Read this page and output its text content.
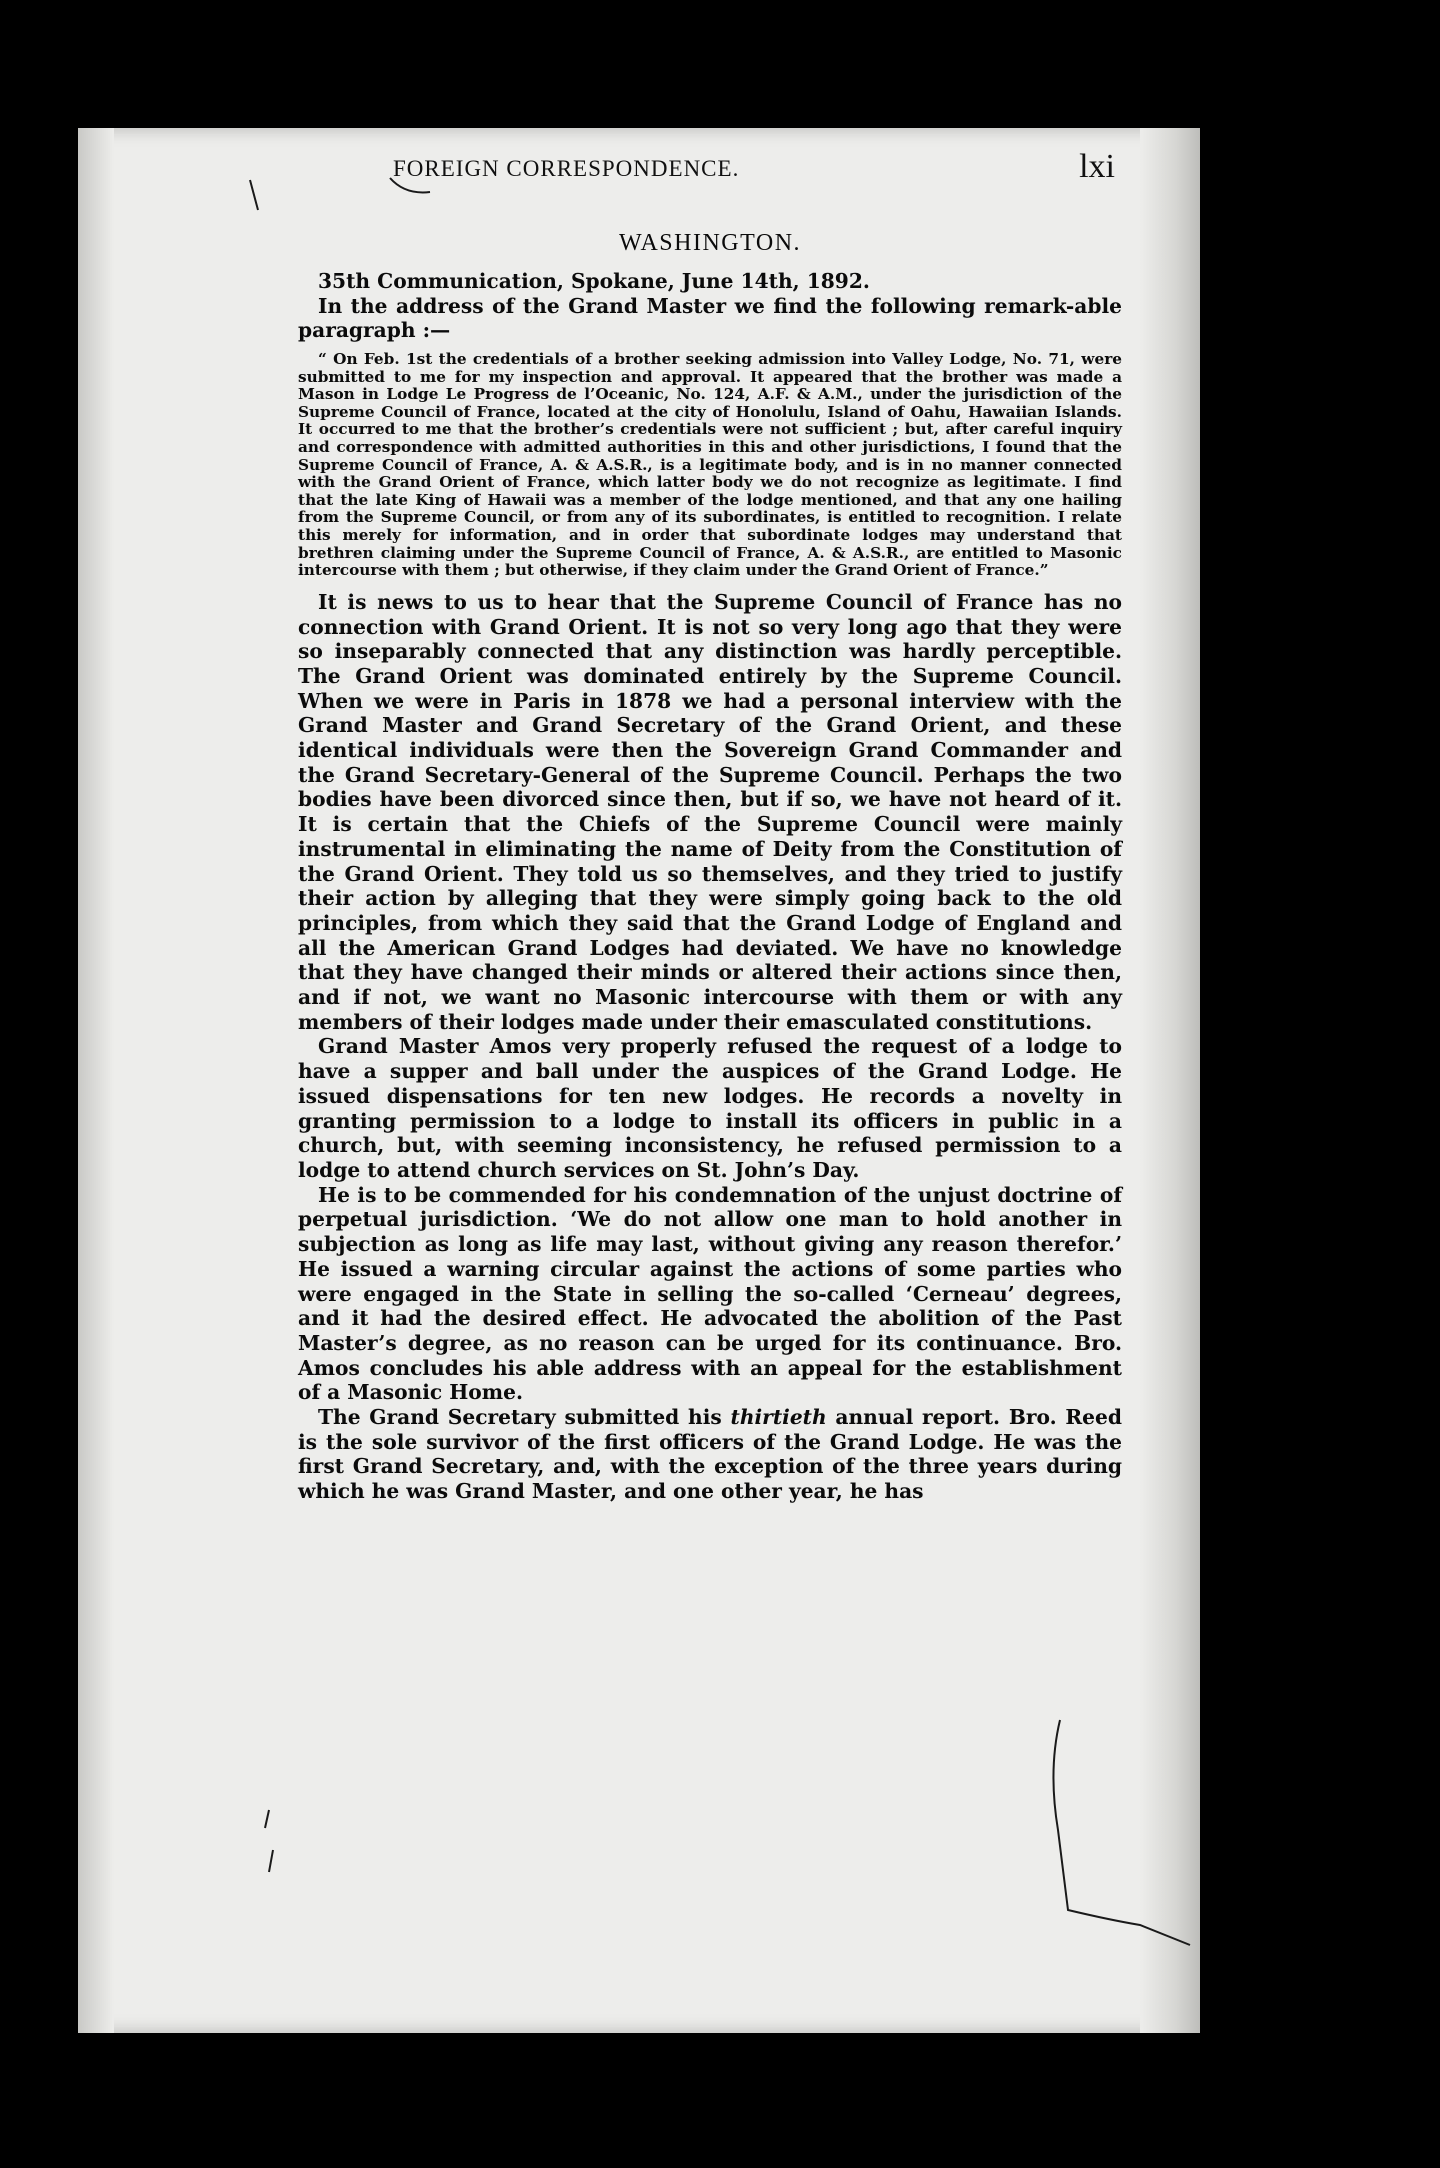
FOREIGN CORRESPONDENCE.	lxi
WASHINGTON.

35th Communication, Spokane, June 14th, 1892.

In the address of the Grand Master we find the following remark-able paragraph :—

“ On Feb. 1st the credentials of a brother seeking admission into Valley Lodge, No. 71, were submitted to me for my inspection and approval. It appeared that the brother was made a Mason in Lodge Le Progress de l’Oceanic, No. 124, A.F. & A.M., under the jurisdiction of the Supreme Council of France, located at the city of Honolulu, Island of Oahu, Hawaiian Islands. It occurred to me that the brother’s credentials were not sufficient ; but, after careful inquiry and correspondence with admitted authorities in this and other jurisdictions, I found that the Supreme Council of France, A. & A.S.R., is a legitimate body, and is in no manner connected with the Grand Orient of France, which latter body we do not recognize as legitimate. I find that the late King of Hawaii was a member of the lodge mentioned, and that any one hailing from the Supreme Council, or from any of its subordinates, is entitled to recognition. I relate this merely for information, and in order that subordinate lodges may understand that brethren claiming under the Supreme Council of France, A. & A.S.R., are entitled to Masonic intercourse with them ; but otherwise, if they claim under the Grand Orient of France.”

It is news to us to hear that the Supreme Council of France has no connection with Grand Orient. It is not so very long ago that they were so inseparably connected that any distinction was hardly perceptible. The Grand Orient was dominated entirely by the Supreme Council. When we were in Paris in 1878 we had a personal interview with the Grand Master and Grand Secretary of the Grand Orient, and these identical individuals were then the Sovereign Grand Commander and the Grand Secretary-General of the Supreme Council. Perhaps the two bodies have been divorced since then, but if so, we have not heard of it. It is certain that the Chiefs of the Supreme Council were mainly instrumental in eliminating the name of Deity from the Constitution of the Grand Orient. They told us so themselves, and they tried to justify their action by alleging that they were simply going back to the old principles, from which they said that the Grand Lodge of England and all the American Grand Lodges had deviated. We have no knowledge that they have changed their minds or altered their actions since then, and if not, we want no Masonic intercourse with them or with any members of their lodges made under their emasculated constitutions.

Grand Master Amos very properly refused the request of a lodge to have a supper and ball under the auspices of the Grand Lodge. He issued dispensations for ten new lodges. He records a novelty in granting permission to a lodge to install its officers in public in a church, but, with seeming inconsistency, he refused permission to a lodge to attend church services on St. John’s Day.

He is to be commended for his condemnation of the unjust doctrine of perpetual jurisdiction. ‘We do not allow one man to hold another in subjection as long as life may last, without giving any reason therefor.’ He issued a warning circular against the actions of some parties who were engaged in the State in selling the so-called ‘Cerneau’ degrees, and it had the desired effect. He advocated the abolition of the Past Master’s degree, as no reason can be urged for its continuance. Bro. Amos concludes his able address with an appeal for the establishment of a Masonic Home.

The Grand Secretary submitted his thirtieth annual report. Bro. Reed is the sole survivor of the first officers of the Grand Lodge. He was the first Grand Secretary, and, with the exception of the three years during which he was Grand Master, and one other year, he has
